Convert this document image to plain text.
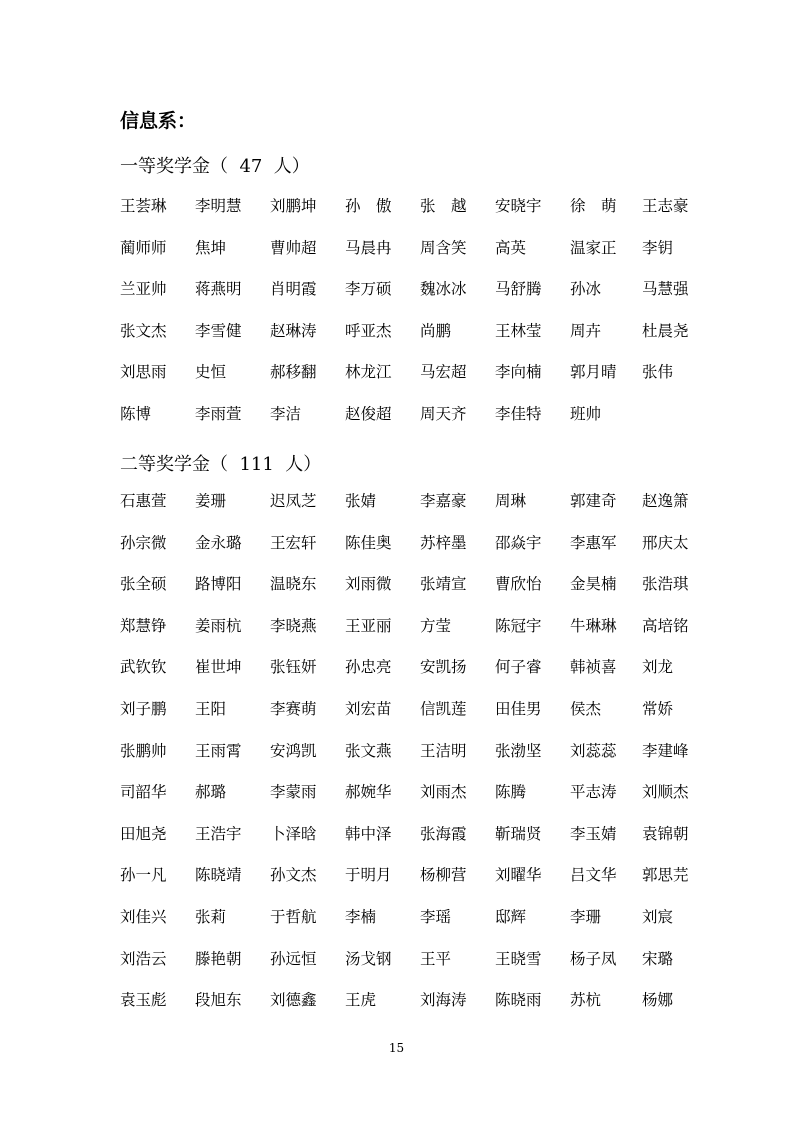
信息系：
一等奖学金（  47  人）
王荟琳 李明慧 刘鹏坤 孙　傲 张　越 安晓宇 徐　萌 王志豪
蔺师师 焦坤	曹帅超 马晨冉 周含笑 高英	温家正 李钥
兰亚帅 蒋燕明 肖明霞 李万硕 魏冰冰 马舒腾 孙冰	马慧强
张文杰 李雪健 赵琳涛 呼亚杰 尚鹏	王林莹 周卉	杜晨尧
刘思雨 史恒	郝移翻 林龙江 马宏超 李向楠 郭月晴 张伟
陈博	李雨萱 李洁	赵俊超 周天齐 李佳特 班帅
二等奖学金（  111  人）
石惠萱 姜珊	迟凤芝 张婧	李嘉豪 周琳	郭建奇 赵逸箫
孙宗微 金永璐 王宏轩 陈佳奥 苏梓墨 邵焱宇 李惠军 邢庆太
张全硕 路博阳 温晓东 刘雨微 张靖宣 曹欣怡 金昊楠 张浩琪
郑慧铮 姜雨杭 李晓燕 王亚丽 方莹	陈冠宇 牛琳琳 高培铭
武钦钦 崔世坤 张钰妍 孙忠亮 安凯扬 何子睿 韩祯喜 刘龙
刘子鹏 王阳	李赛萌 刘宏苗 信凯莲 田佳男 侯杰	常娇
张鹏帅 王雨霄 安鸿凯 张文燕 王洁明 张渤坚 刘蕊蕊 李建峰
司韶华 郝璐	李蒙雨 郝婉华 刘雨杰 陈腾	平志涛 刘顺杰
田旭尧 王浩宇 卜泽晗 韩中泽 张海霞 靳瑞贤 李玉婧 袁锦朝
孙一凡 陈晓靖 孙文杰 于明月 杨柳营 刘曜华 吕文华 郭思芫
刘佳兴 张莉	于哲航 李楠	李瑶	邸辉	李珊	刘宸
刘浩云 滕艳朝 孙远恒 汤戈钢 王平	王晓雪 杨子凤 宋璐
袁玉彪 段旭东 刘德鑫 王虎	刘海涛 陈晓雨 苏杭	杨娜
15
